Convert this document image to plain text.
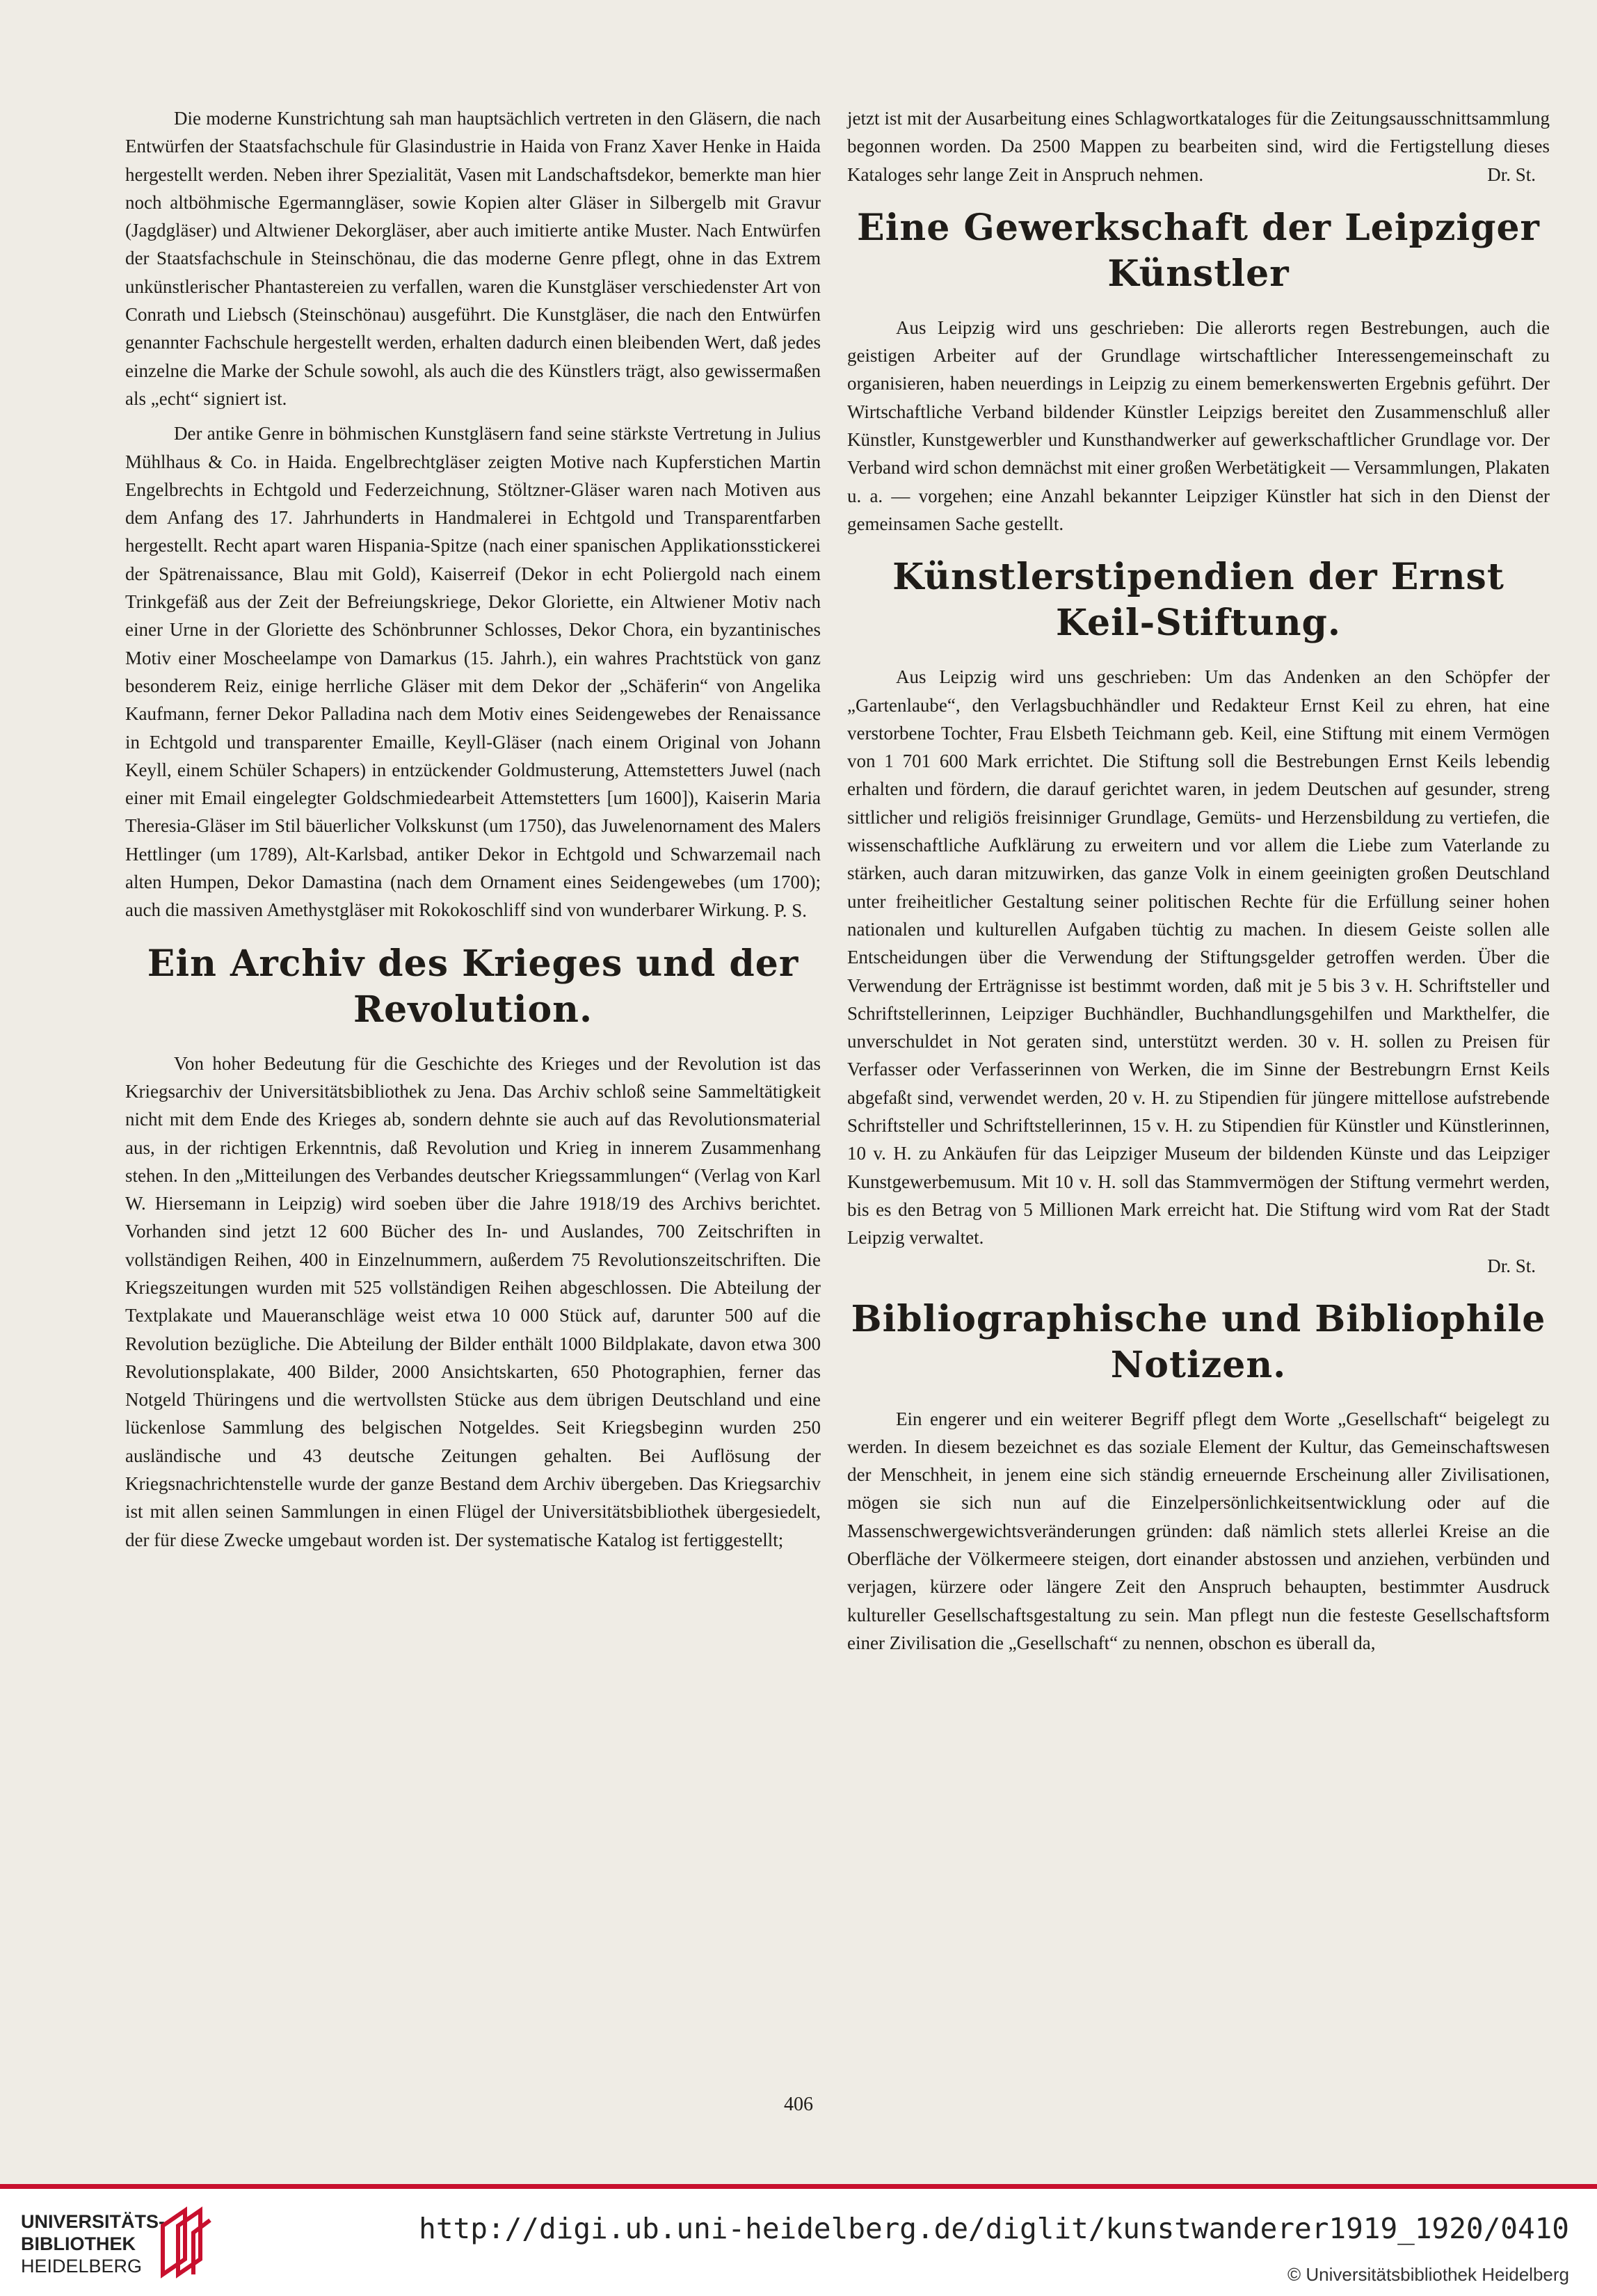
Die moderne Kunstrichtung sah man hauptsächlich vertreten in den Gläsern, die nach Entwürfen der Staatsfachschule für Glasindustrie in Haida von Franz Xaver Henke in Haida hergestellt werden. Neben ihrer Spezialität, Vasen mit Landschaftsdekor, bemerkte man hier noch altböhmische Egermanngläser, sowie Kopien alter Gläser in Silbergelb mit Gravur (Jagdgläser) und Altwiener Dekorgläser, aber auch imitierte antike Muster. Nach Entwürfen der Staatsfachschule in Steinschönau, die das moderne Genre pflegt, ohne in das Extrem unkünstlerischer Phantastereien zu verfallen, waren die Kunstgläser verschiedenster Art von Conrath und Liebsch (Steinschönau) ausgeführt. Die Kunstgläser, die nach den Entwürfen genannter Fachschule hergestellt werden, erhalten dadurch einen bleibenden Wert, daß jedes einzelne die Marke der Schule sowohl, als auch die des Künstlers trägt, also gewissermaßen als „echt“ signiert ist.

Der antike Genre in böhmischen Kunstgläsern fand seine stärkste Vertretung in Julius Mühlhaus & Co. in Haida. Engelbrechtgläser zeigten Motive nach Kupferstichen Martin Engelbrechts in Echtgold und Federzeichnung, Stöltzner-Gläser waren nach Motiven aus dem Anfang des 17. Jahrhunderts in Handmalerei in Echtgold und Transparentfarben hergestellt. Recht apart waren Hispania-Spitze (nach einer spanischen Applikationsstickerei der Spätrenaissance, Blau mit Gold), Kaiserreif (Dekor in echt Poliergold nach einem Trinkgefäß aus der Zeit der Befreiungskriege, Dekor Gloriette, ein Altwiener Motiv nach einer Urne in der Gloriette des Schönbrunner Schlosses, Dekor Chora, ein byzantinisches Motiv einer Moscheelampe von Damarkus (15. Jahrh.), ein wahres Prachtstück von ganz besonderem Reiz, einige herrliche Gläser mit dem Dekor der „Schäferin“ von Angelika Kaufmann, ferner Dekor Palladina nach dem Motiv eines Seidengewebes der Renaissance in Echtgold und transparenter Emaille, Keyll-Gläser (nach einem Original von Johann Keyll, einem Schüler Schapers) in entzückender Goldmusterung, Attemstetters Juwel (nach einer mit Email eingelegter Goldschmiedearbeit Attemstetters [um 1600]), Kaiserin Maria Theresia-Gläser im Stil bäuerlicher Volkskunst (um 1750), das Juwelenornament des Malers Hettlinger (um 1789), Alt-Karlsbad, antiker Dekor in Echtgold und Schwarzemail nach alten Humpen, Dekor Damastina (nach dem Ornament eines Seidengewebes (um 1700); auch die massiven Amethystgläser mit Rokokoschliff sind von wunderbarer Wirkung. P. S.

Ein Archiv des Krieges und der Revolution.

Von hoher Bedeutung für die Geschichte des Krieges und der Revolution ist das Kriegsarchiv der Universitätsbibliothek zu Jena. Das Archiv schloß seine Sammeltätigkeit nicht mit dem Ende des Krieges ab, sondern dehnte sie auch auf das Revolutionsmaterial aus, in der richtigen Erkenntnis, daß Revolution und Krieg in innerem Zusammenhang stehen. In den „Mitteilungen des Verbandes deutscher Kriegssammlungen“ (Verlag von Karl W. Hiersemann in Leipzig) wird soeben über die Jahre 1918/19 des Archivs berichtet. Vorhanden sind jetzt 12 600 Bücher des In- und Auslandes, 700 Zeitschriften in vollständigen Reihen, 400 in Einzelnummern, außerdem 75 Revolutionszeitschriften. Die Kriegszeitungen wurden mit 525 vollständigen Reihen abgeschlossen. Die Abteilung der Textplakate und Maueranschläge weist etwa 10 000 Stück auf, darunter 500 auf die Revolution bezügliche. Die Abteilung der Bilder enthält 1000 Bildplakate, davon etwa 300 Revolutionsplakate, 400 Bilder, 2000 Ansichtskarten, 650 Photographien, ferner das Notgeld Thüringens und die wertvollsten Stücke aus dem übrigen Deutschland und eine lückenlose Sammlung des belgischen Notgeldes. Seit Kriegsbeginn wurden 250 ausländische und 43 deutsche Zeitungen gehalten. Bei Auflösung der Kriegsnachrichtenstelle wurde der ganze Bestand dem Archiv übergeben. Das Kriegsarchiv ist mit allen seinen Sammlungen in einen Flügel der Universitätsbibliothek übergesiedelt, der für diese Zwecke umgebaut worden ist. Der systematische Katalog ist fertiggestellt;

jetzt ist mit der Ausarbeitung eines Schlagwortkataloges für die Zeitungsausschnittsammlung begonnen worden. Da 2500 Mappen zu bearbeiten sind, wird die Fertigstellung dieses Kataloges sehr lange Zeit in Anspruch nehmen.	Dr. St.

Eine Gewerkschaft der Leipziger Künstler

Aus Leipzig wird uns geschrieben: Die allerorts regen Bestrebungen, auch die geistigen Arbeiter auf der Grundlage wirtschaftlicher Interessengemeinschaft zu organisieren, haben neuerdings in Leipzig zu einem bemerkenswerten Ergebnis geführt. Der Wirtschaftliche Verband bildender Künstler Leipzigs bereitet den Zusammenschluß aller Künstler, Kunstgewerbler und Kunsthandwerker auf gewerkschaftlicher Grundlage vor. Der Verband wird schon demnächst mit einer großen Werbetätigkeit — Versammlungen, Plakaten u. a. — vorgehen; eine Anzahl bekannter Leipziger Künstler hat sich in den Dienst der gemeinsamen Sache gestellt.

Künstlerstipendien der Ernst Keil-Stiftung.

Aus Leipzig wird uns geschrieben: Um das Andenken an den Schöpfer der „Gartenlaube“, den Verlagsbuchhändler und Redakteur Ernst Keil zu ehren, hat eine verstorbene Tochter, Frau Elsbeth Teichmann geb. Keil, eine Stiftung mit einem Vermögen von 1 701 600 Mark errichtet. Die Stiftung soll die Bestrebungen Ernst Keils lebendig erhalten und fördern, die darauf gerichtet waren, in jedem Deutschen auf gesunder, streng sittlicher und religiös freisinniger Grundlage, Gemüts- und Herzensbildung zu vertiefen, die wissenschaftliche Aufklärung zu erweitern und vor allem die Liebe zum Vaterlande zu stärken, auch daran mitzuwirken, das ganze Volk in einem geeinigten großen Deutschland unter freiheitlicher Gestaltung seiner politischen Rechte für die Erfüllung seiner hohen nationalen und kulturellen Aufgaben tüchtig zu machen. In diesem Geiste sollen alle Entscheidungen über die Verwendung der Stiftungsgelder getroffen werden. Über die Verwendung der Erträgnisse ist bestimmt worden, daß mit je 5 bis 3 v. H. Schriftsteller und Schriftstellerinnen, Leipziger Buchhändler, Buchhandlungsgehilfen und Markthelfer, die unverschuldet in Not geraten sind, unterstützt werden. 30 v. H. sollen zu Preisen für Verfasser oder Verfasserinnen von Werken, die im Sinne der Bestrebungrn Ernst Keils abgefaßt sind, verwendet werden, 20 v. H. zu Stipendien für jüngere mittellose aufstrebende Schriftsteller und Schriftstellerinnen, 15 v. H. zu Stipendien für Künstler und Künstlerinnen, 10 v. H. zu Ankäufen für das Leipziger Museum der bildenden Künste und das Leipziger Kunstgewerbemusum. Mit 10 v. H. soll das Stammvermögen der Stiftung vermehrt werden, bis es den Betrag von 5 Millionen Mark erreicht hat. Die Stiftung wird vom Rat der Stadt Leipzig verwaltet.

Dr. St.

Bibliographische und Bibliophile Notizen.

Ein engerer und ein weiterer Begriff pflegt dem Worte „Gesellschaft“ beigelegt zu werden. In diesem bezeichnet es das soziale Element der Kultur, das Gemeinschaftswesen der Menschheit, in jenem eine sich ständig erneuernde Erscheinung aller Zivilisationen, mögen sie sich nun auf die Einzelpersönlichkeitsentwicklung oder auf die Massenschwergewichtsveränderungen gründen: daß nämlich stets allerlei Kreise an die Oberfläche der Völkermeere steigen, dort einander abstossen und anziehen, verbünden und verjagen, kürzere oder längere Zeit den Anspruch behaupten, bestimmter Ausdruck kultureller Gesellschaftsgestaltung zu sein. Man pflegt nun die festeste Gesellschaftsform einer Zivilisation die „Gesellschaft“ zu nennen, obschon es überall da,

406
UNIVERSITÄTS-
BIBLIOTHEK
HEIDELBERG
http://digi.ub.uni-heidelberg.de/diglit/kunstwanderer1919_1920/0410
© Universitätsbibliothek Heidelberg
